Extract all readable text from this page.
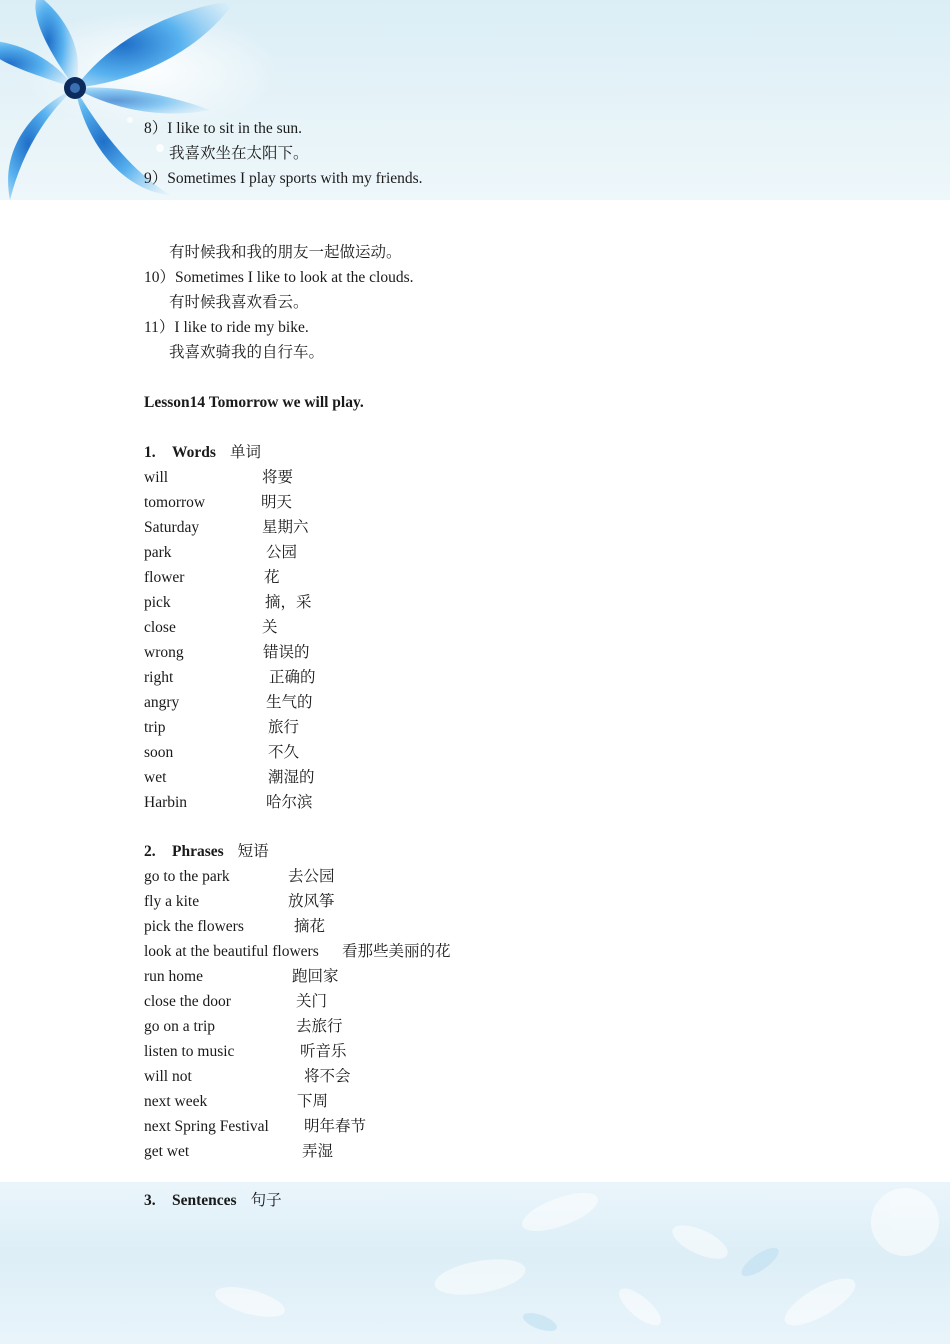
8）I like to sit in the sun.
我喜欢坐在太阳下。
9）Sometimes I play sports with my friends.
有时候我和我的朋友一起做运动。
10）Sometimes I like to look at the clouds.
有时候我喜欢看云。
11）I like to ride my bike.
我喜欢骑我的自行车。
Lesson14 Tomorrow we will play.
1. Words 单词
will	将要
tomorrow	明天
Saturday	星期六
park	公园
flower	花
pick	摘，采
close	关
wrong	错误的
right	正确的
angry	生气的
trip	旅行
soon	不久
wet	潮湿的
Harbin	哈尔滨
2. Phrases 短语
go to the park	去公园
fly a kite	放风筝
pick the flowers	摘花
look at the beautiful flowers 看那些美丽的花
run home	跑回家
close the door	关门
go on a trip	去旅行
listen to music	听音乐
will not	将不会
next week	下周
next Spring Festival 明年春节
get wet	弄湿
3. Sentences 句子
